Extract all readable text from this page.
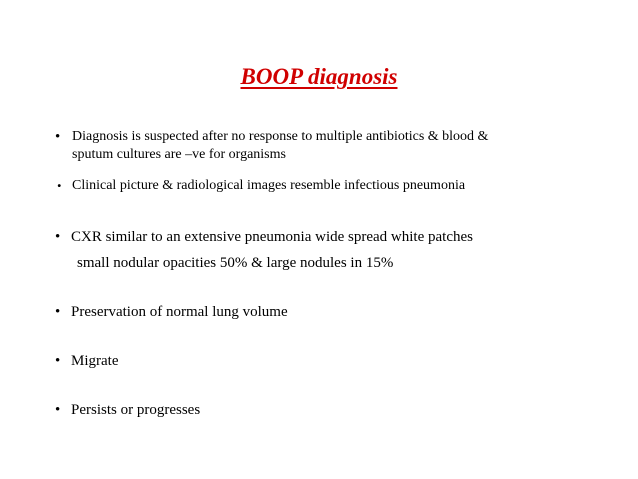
BOOP diagnosis
• Diagnosis is suspected after no response to multiple antibiotics & blood &
sputum cultures are –ve for organisms
. Clinical picture & radiological images resemble infectious pneumonia
• CXR similar to an extensive pneumonia wide spread white patches
small nodular opacities 50% & large nodules in 15%
• Preservation of normal lung volume
• Migrate
• Persists or progresses
